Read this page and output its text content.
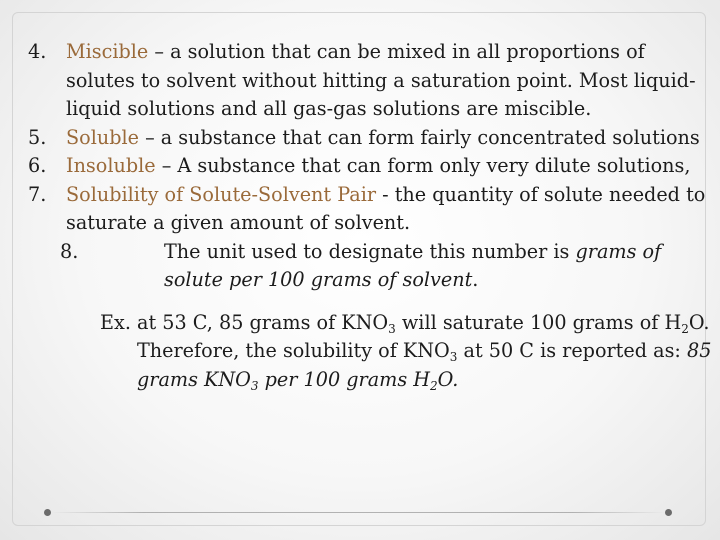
4. Miscible – a solution that can be mixed in all proportions of solutes to solvent without hitting a saturation point. Most liquid-liquid solutions and all gas-gas solutions are miscible.
5. Soluble – a substance that can form fairly concentrated solutions
6. Insoluble – A substance that can form only very dilute solutions,
7. Solubility of Solute-Solvent Pair - the quantity of solute needed to saturate a given amount of solvent.
8.	The unit used to designate this number is grams of solute per 100 grams of solvent.
Ex. at 53 C, 85 grams of $KNO_3$ will saturate 100 grams of $H_2O$. Therefore, the solubility of $KNO_3$ at 50 C is reported as: 85 grams $KNO_3$ per 100 grams $H_2O$.
